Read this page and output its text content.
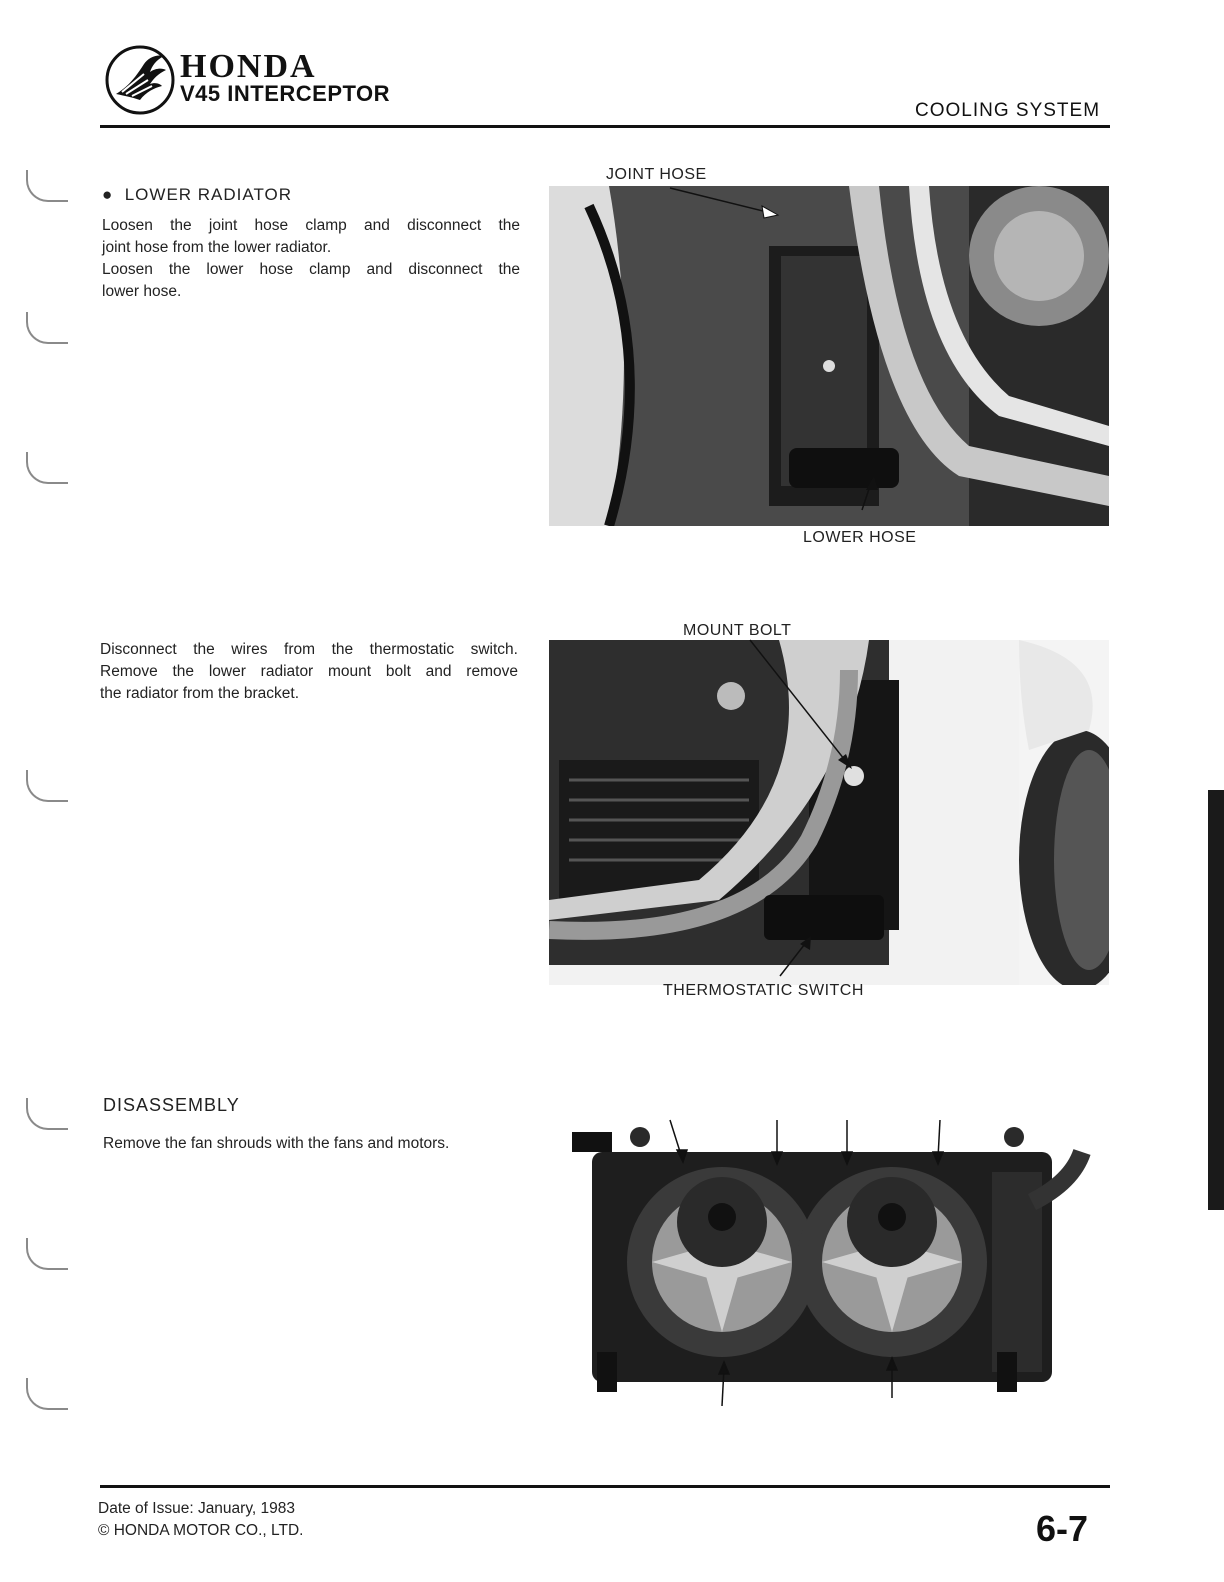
HONDA
V45 INTERCEPTOR
COOLING SYSTEM
●  LOWER RADIATOR
Loosen the joint hose clamp and disconnect the
joint hose from the lower radiator.
Loosen the lower hose clamp and disconnect the
lower hose.
JOINT HOSE
LOWER HOSE
Disconnect the wires from the thermostatic switch.
Remove the lower radiator mount bolt and remove
the radiator from the bracket.
MOUNT BOLT
THERMOSTATIC SWITCH
DISASSEMBLY
Remove the fan shrouds with the fans and motors.
Date of Issue: January, 1983
© HONDA MOTOR CO., LTD.	6-7
